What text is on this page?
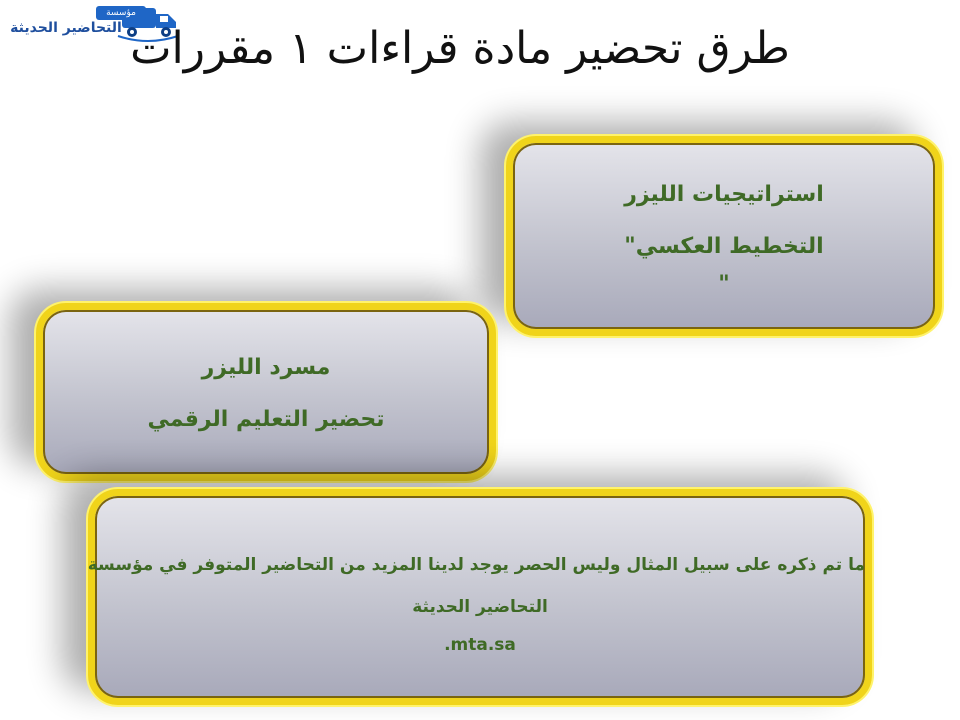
مؤسسة
التحاضير الحديثة طرق تحضير مادة قراءات ١ مقررات
استراتيجيات الليزر
التخطيط العكسي"
"
مسرد الليزر
تحضير التعليم الرقمي
ما تم ذكره على سبيل المثال وليس الحصر يوجد لدينا المزيد من التحاضير المتوفر في مؤسسة
التحاضير الحديثة
.mta.sa
